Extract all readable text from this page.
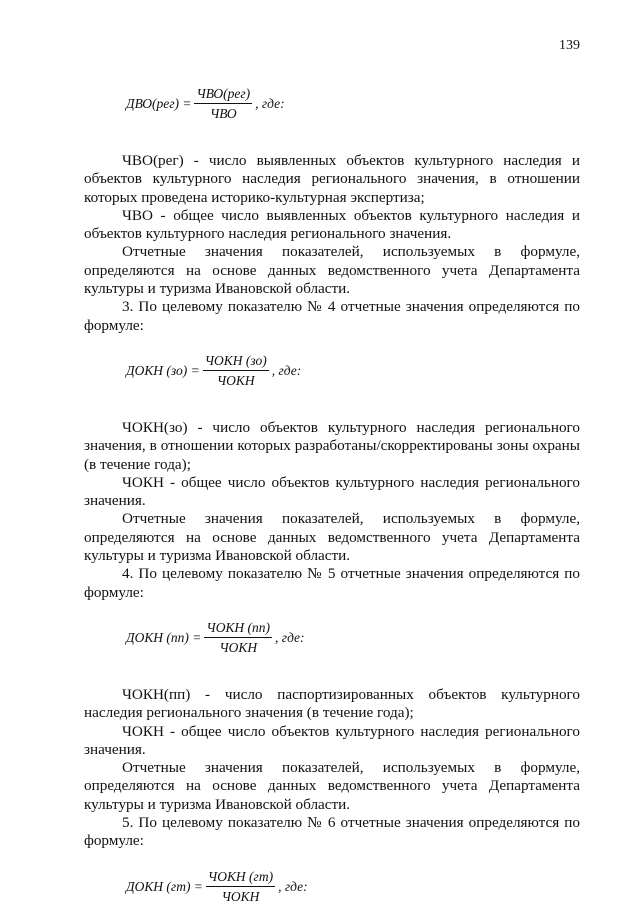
139
$ДВО(рег) = \frac{\text{ЧВО(рег)}}{\text{ЧВО}}$ , где:

ЧВО(рег) - число выявленных объектов культурного наследия и объектов культурного наследия регионального значения, в отношении которых проведена историко-культурная экспертиза;

ЧВО - общее число выявленных объектов культурного наследия и объектов культурного наследия регионального значения.

Отчетные значения показателей, используемых в формуле, определяются на основе данных ведомственного учета Департамента культуры и туризма Ивановской области.

3. По целевому показателю № 4 отчетные значения определяются по формуле:

ДОКН $(зо) = \frac{\text{ЧОКН (зо)}}{\text{ЧОКН}}$ , где:

ЧОКН(зо) - число объектов культурного наследия регионального значения, в отношении которых разработаны/скорректированы зоны охраны (в течение года);

ЧОКН - общее число объектов культурного наследия регионального значения.

Отчетные значения показателей, используемых в формуле, определяются на основе данных ведомственного учета Департамента культуры и туризма Ивановской области.

4. По целевому показателю № 5 отчетные значения определяются по формуле:

ДОКН $(пп) = \frac{\text{ЧОКН (пп)}}{\text{ЧОКН}}$ , где:

ЧОКН(пп) - число паспортизированных объектов культурного наследия регионального значения (в течение года);

ЧОКН - общее число объектов культурного наследия регионального значения.

Отчетные значения показателей, используемых в формуле, определяются на основе данных ведомственного учета Департамента культуры и туризма Ивановской области.

5. По целевому показателю № 6 отчетные значения определяются по формуле:

ДОКН $(гт) = \frac{\text{ЧОКН (гт)}}{\text{ЧОКН}}$ , где:
